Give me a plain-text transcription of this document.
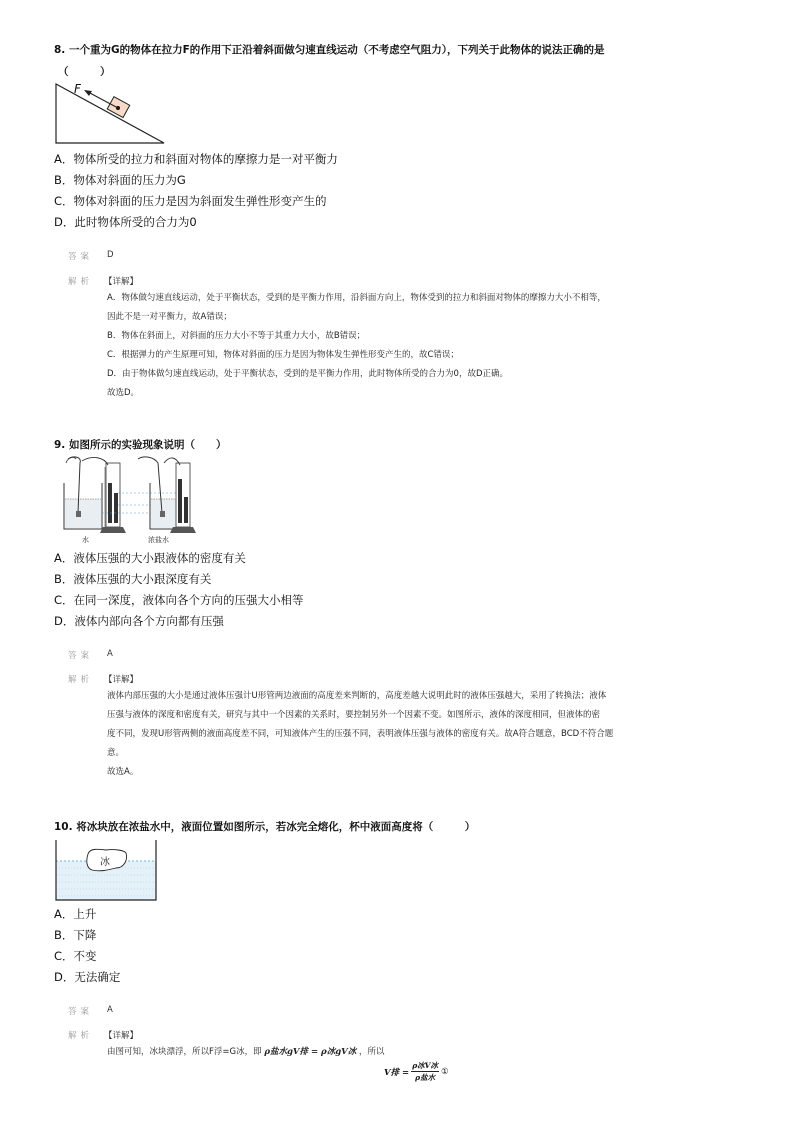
8. 一个重为G的物体在拉力F的作用下正沿着斜面做匀速直线运动（不考虑空气阻力），下列关于此物体的说法正确的是
（　　　）
F
A．物体所受的拉力和斜面对物体的摩擦力是一对平衡力
B．物体对斜面的压力为G
C．物体对斜面的压力是因为斜面发生弹性形变产生的
D．此时物体所受的合力为0
答案 D
解析 【详解】

A．物体做匀速直线运动，处于平衡状态，受到的是平衡力作用，沿斜面方向上，物体受到的拉力和斜面对物体的摩擦力大小不相等，

因此不是一对平衡力，故A错误；

B．物体在斜面上，对斜面的压力大小不等于其重力大小，故B错误；

C．根据弹力的产生原理可知，物体对斜面的压力是因为物体发生弹性形变产生的，故C错误；

D．由于物体做匀速直线运动，处于平衡状态，受到的是平衡力作用，此时物体所受的合力为0，故D正确。

故选D。

9. 如图所示的实验现象说明（　　）
水	浓盐水
A．液体压强的大小跟液体的密度有关
B．液体压强的大小跟深度有关
C．在同一深度，液体向各个方向的压强大小相等
D．液体内部向各个方向都有压强
答案 A
解析 【详解】

液体内部压强的大小是通过液体压强计U形管两边液面的高度差来判断的，高度差越大说明此时的液体压强越大，采用了转换法；液体

压强与液体的深度和密度有关，研究与其中一个因素的关系时，要控制另外一个因素不变。如图所示，液体的深度相同，但液体的密

度不同，发现U形管两侧的液面高度差不同，可知液体产生的压强不同，表明液体压强与液体的密度有关。故A符合题意，BCD不符合题

意。

故选A。

10. 将冰块放在浓盐水中，液面位置如图所示，若冰完全熔化，杯中液面高度将（　　　）
冰
A．上升
B．下降
C．不变
D．无法确定
答案 A
解析 【详解】
由图可知，冰块漂浮，所以F浮=G冰，即 ρ盐水gV排 = ρ冰gV冰 ，所以
V排 =
ρ冰V冰
ρ盐水
①
